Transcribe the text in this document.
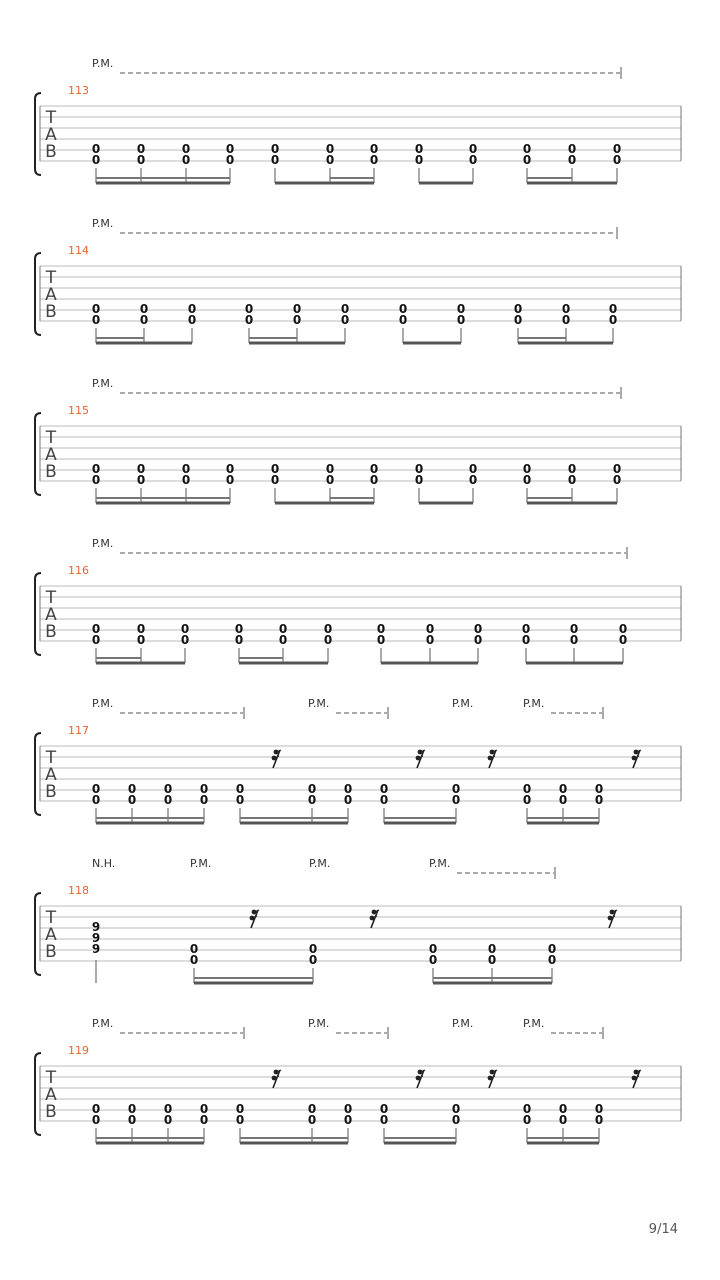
T
A
B
113
P.M.
0
0
0
0
0
0
0
0
0
0
0
0
0
0
0
0
0
0
0
0
0
0
0
0
T
A
B
114
P.M.
0
0
0
0
0
0
0
0
0
0
0
0
0
0
0
0
0
0
0
0
0
0
T
A
B
115
P.M.
0
0
0
0
0
0
0
0
0
0
0
0
0
0
0
0
0
0
0
0
0
0
0
0
T
A
B
116
P.M.
0
0
0
0
0
0
0
0
0
0
0
0
0
0
0
0
0
0
0
0
0
0
0
0
T
A
B
117
P.M.	P.M.	P.M.	P.M.
0
0
0
0
0
0
0
0
0
0
0
0
0
0
0
0
0
0
0
0
0
0
0
0
T
A
B
118
N.H.	P.M.	P.M.	P.M.
9
9
9	0
0
0
0
0
0
0
0
0
0
T
A
B
119
P.M.	P.M.	P.M.	P.M.
0
0
0
0
0
0
0
0
0
0
0
0
0
0
0
0
0
0
0
0
0
0
0
0
9/14
